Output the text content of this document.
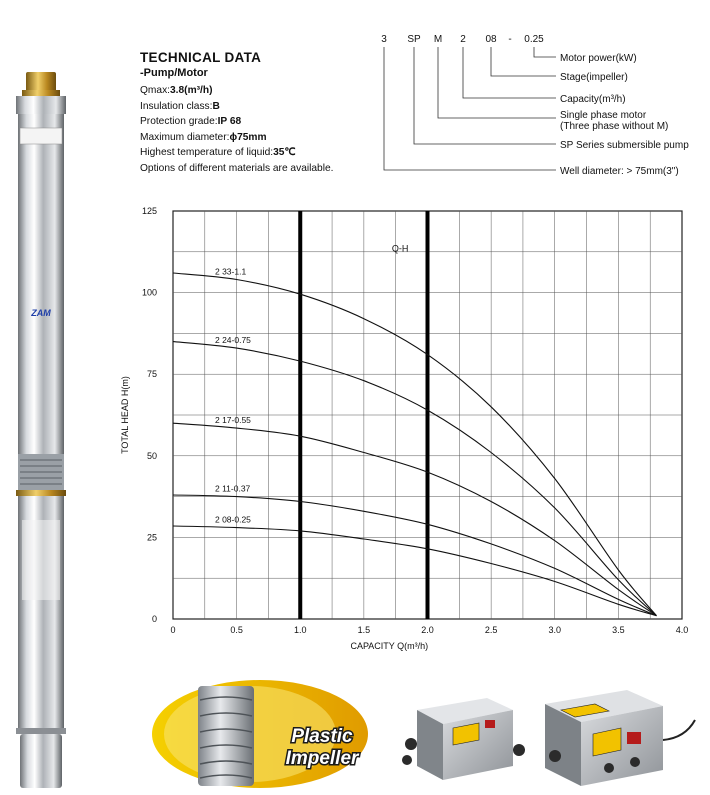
ZAM
TECHNICAL DATA
-Pump/Motor
Qmax:3.8(m³/h)
Insulation class:B
Protection grade:IP 68
Maximum diameter:ϕ75mm
Highest temperature of liquid:35℃
Options of different materials are available.
3 SP M 2 08 - 0.25
Motor power(kW)
Stage(impeller)
Capacity(m³/h)
Single phase motor
(Three phase without M)
SP Series submersible pump
Well diameter: > 75mm(3")
0	0.5	1.0	1.5	2.0	2.5	3.0	3.5	4.0
0
25
50
75
100
125
2 33-1.1
2 24-0.75
2 17-0.55
2 11-0.37
2 08-0.25
Q-H
CAPACITY Q(m³/h)
TOTAL HEAD H(m)
Plastic
Impeller
